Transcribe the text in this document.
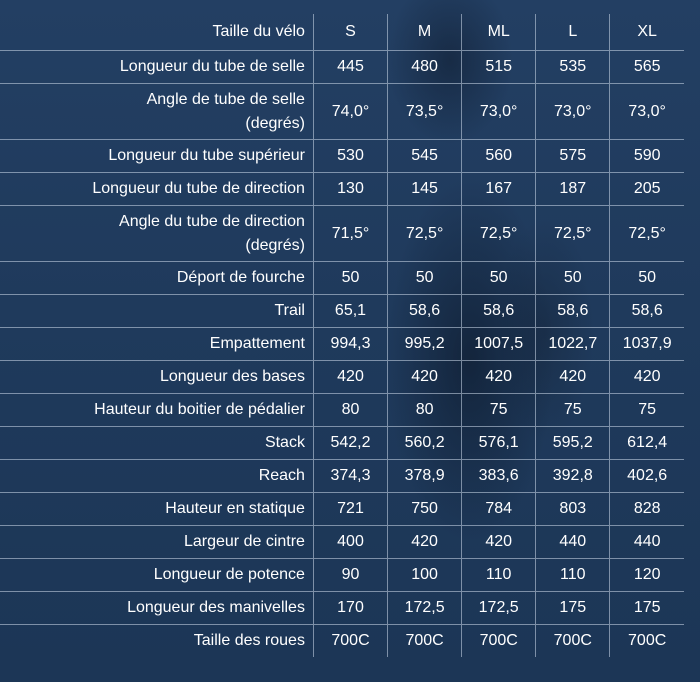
Taille du vélo	S	M	ML	L	XL

Longueur du tube de selle	445	480	515	535	565

Angle de tube de selle
(degrés)	74,0°	73,5°	73,0°	73,0°	73,0°

Longueur du tube supérieur	530	545	560	575	590

Longueur du tube de direction	130	145	167	187	205

Angle du tube de direction
(degrés)	71,5°	72,5°	72,5°	72,5°	72,5°

Déport de fourche	50	50	50	50	50

Trail	65,1	58,6	58,6	58,6	58,6

Empattement	994,3	995,2	1007,5	1022,7	1037,9

Longueur des bases	420	420	420	420	420

Hauteur du boitier de pédalier	80	80	75	75	75

Stack	542,2	560,2	576,1	595,2	612,4

Reach	374,3	378,9	383,6	392,8	402,6

Hauteur en statique	721	750	784	803	828

Largeur de cintre	400	420	420	440	440

Longueur de potence	90	100	110	110	120

Longueur des manivelles	170	172,5	172,5	175	175

Taille des roues	700C	700C	700C	700C	700C
